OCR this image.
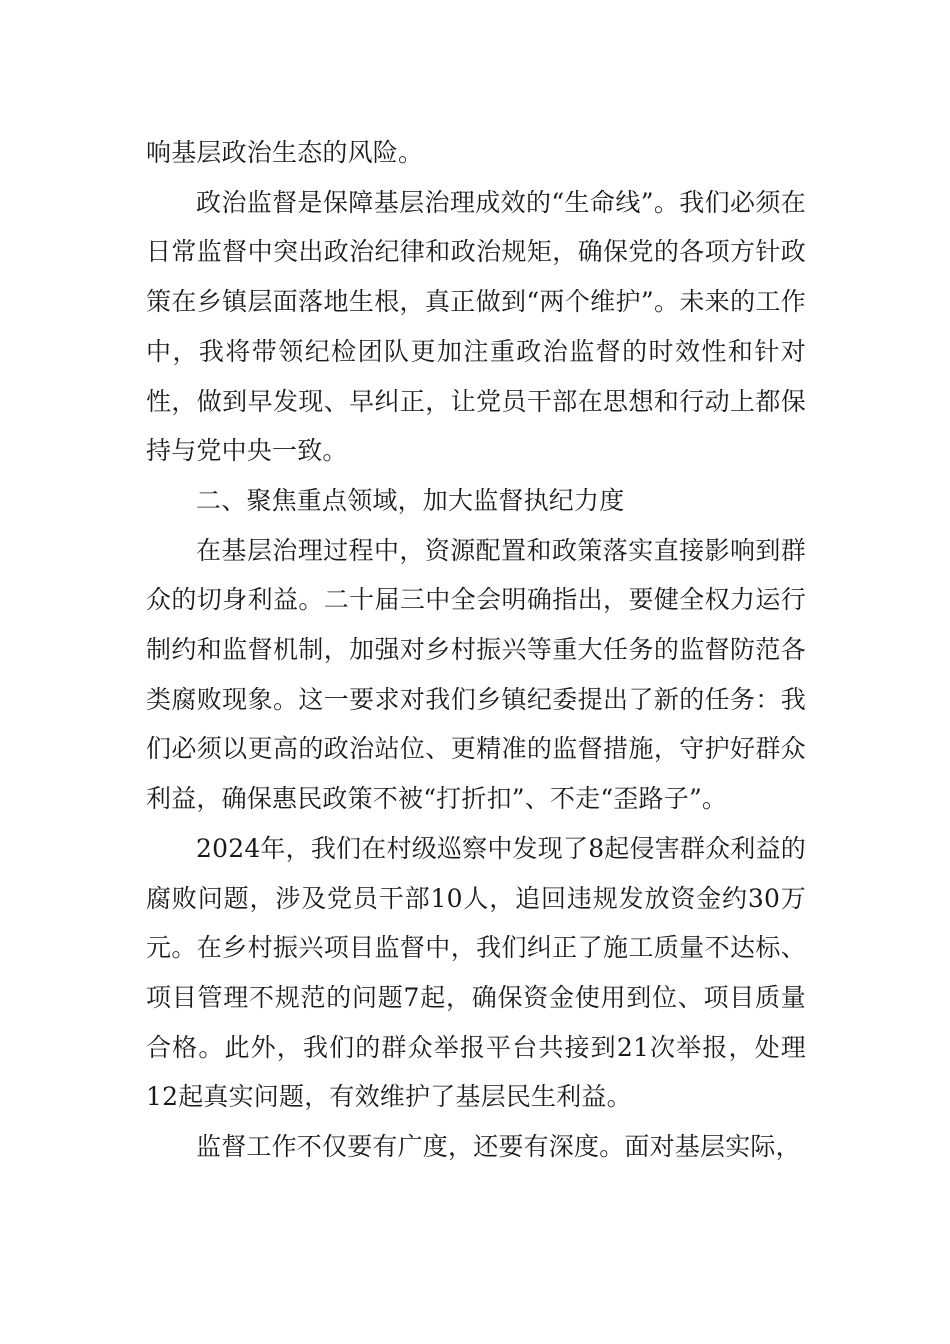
响基层政治生态的风险。

政治监督是保障基层治理成效的“生命线”。我们必须在日常监督中突出政治纪律和政治规矩，确保党的各项方针政策在乡镇层面落地生根，真正做到“两个维护”。未来的工作中，我将带领纪检团队更加注重政治监督的时效性和针对性，做到早发现、早纠正，让党员干部在思想和行动上都保持与党中央一致。

二、聚焦重点领域，加大监督执纪力度

在基层治理过程中，资源配置和政策落实直接影响到群众的切身利益。二十届三中全会明确指出，要健全权力运行制约和监督机制，加强对乡村振兴等重大任务的监督防范各类腐败现象。这一要求对我们乡镇纪委提出了新的任务：我们必须以更高的政治站位、更精准的监督措施，守护好群众利益，确保惠民政策不被“打折扣”、不走“歪路子”。

2024年，我们在村级巡察中发现了8起侵害群众利益的腐败问题，涉及党员干部10人，追回违规发放资金约30万元。在乡村振兴项目监督中，我们纠正了施工质量不达标、项目管理不规范的问题7起，确保资金使用到位、项目质量合格。此外，我们的群众举报平台共接到21次举报，处理12起真实问题，有效维护了基层民生利益。

监督工作不仅要有广度，还要有深度。面对基层实际，
